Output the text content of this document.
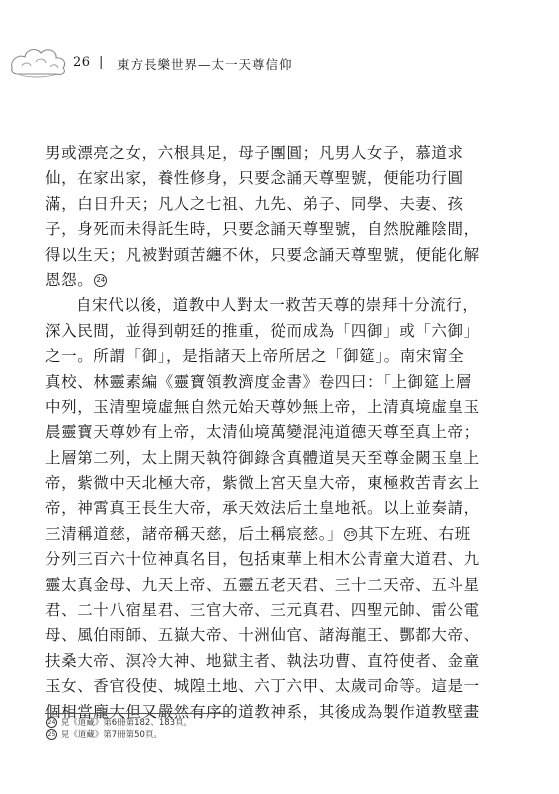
26 | 東方長樂世界—太一天尊信仰
男或漂亮之女，六根具足，母子團圓；凡男人女子，慕道求
仙，在家出家，養性修身，只要念誦天尊聖號，便能功行圓
滿，白日升天；凡人之七祖、九先、弟子、同學、夫妻、孩
子，身死而未得託生時，只要念誦天尊聖號，自然脫離陰間，
得以生天；凡被對頭苦纏不休，只要念誦天尊聖號，便能化解
恩怨。 24
自宋代以後，道教中人對太一救苦天尊的崇拜十分流行，
深入民間，並得到朝廷的推重，從而成為「四御」或「六御」
之一。所謂「御」，是指諸天上帝所居之「御筵」。南宋甯全
真校、林靈素編《靈寶領教濟度金書》卷四曰：「上御筵上層
中列，玉清聖境虛無自然元始天尊妙無上帝，上清真境虛皇玉
晨靈寶天尊妙有上帝，太清仙境萬變混沌道德天尊至真上帝；
上層第二列，太上開天執符御錄含真體道昊天至尊金闕玉皇上
帝，紫微中天北極大帝，紫微上宮天皇大帝，東極救苦青玄上
帝，神霄真王長生大帝，承天效法后土皇地祇。以上並奏請，
三清稱道慈，諸帝稱天慈，后土稱宸慈。」 25 其下左班、右班
分列三百六十位神真名目，包括東華上相木公青童大道君、九
靈太真金母、九天上帝、五靈五老天君、三十二天帝、五斗星
君、二十八宿星君、三官大帝、三元真君、四聖元帥、雷公電
母、風伯雨師、五嶽大帝、十洲仙官、諸海龍王、酆都大帝、
扶桑大帝、溟冷大神、地獄主者、執法功曹、直符使者、金童
玉女、香官役使、城隍土地、六丁六甲、太歲司命等。這是一
個相當龐大但又嚴然有序的道教神系，其後成為製作道教壁畫
24 見《道藏》第6冊第182、183頁。
25 見《道藏》第7冊第50頁。
